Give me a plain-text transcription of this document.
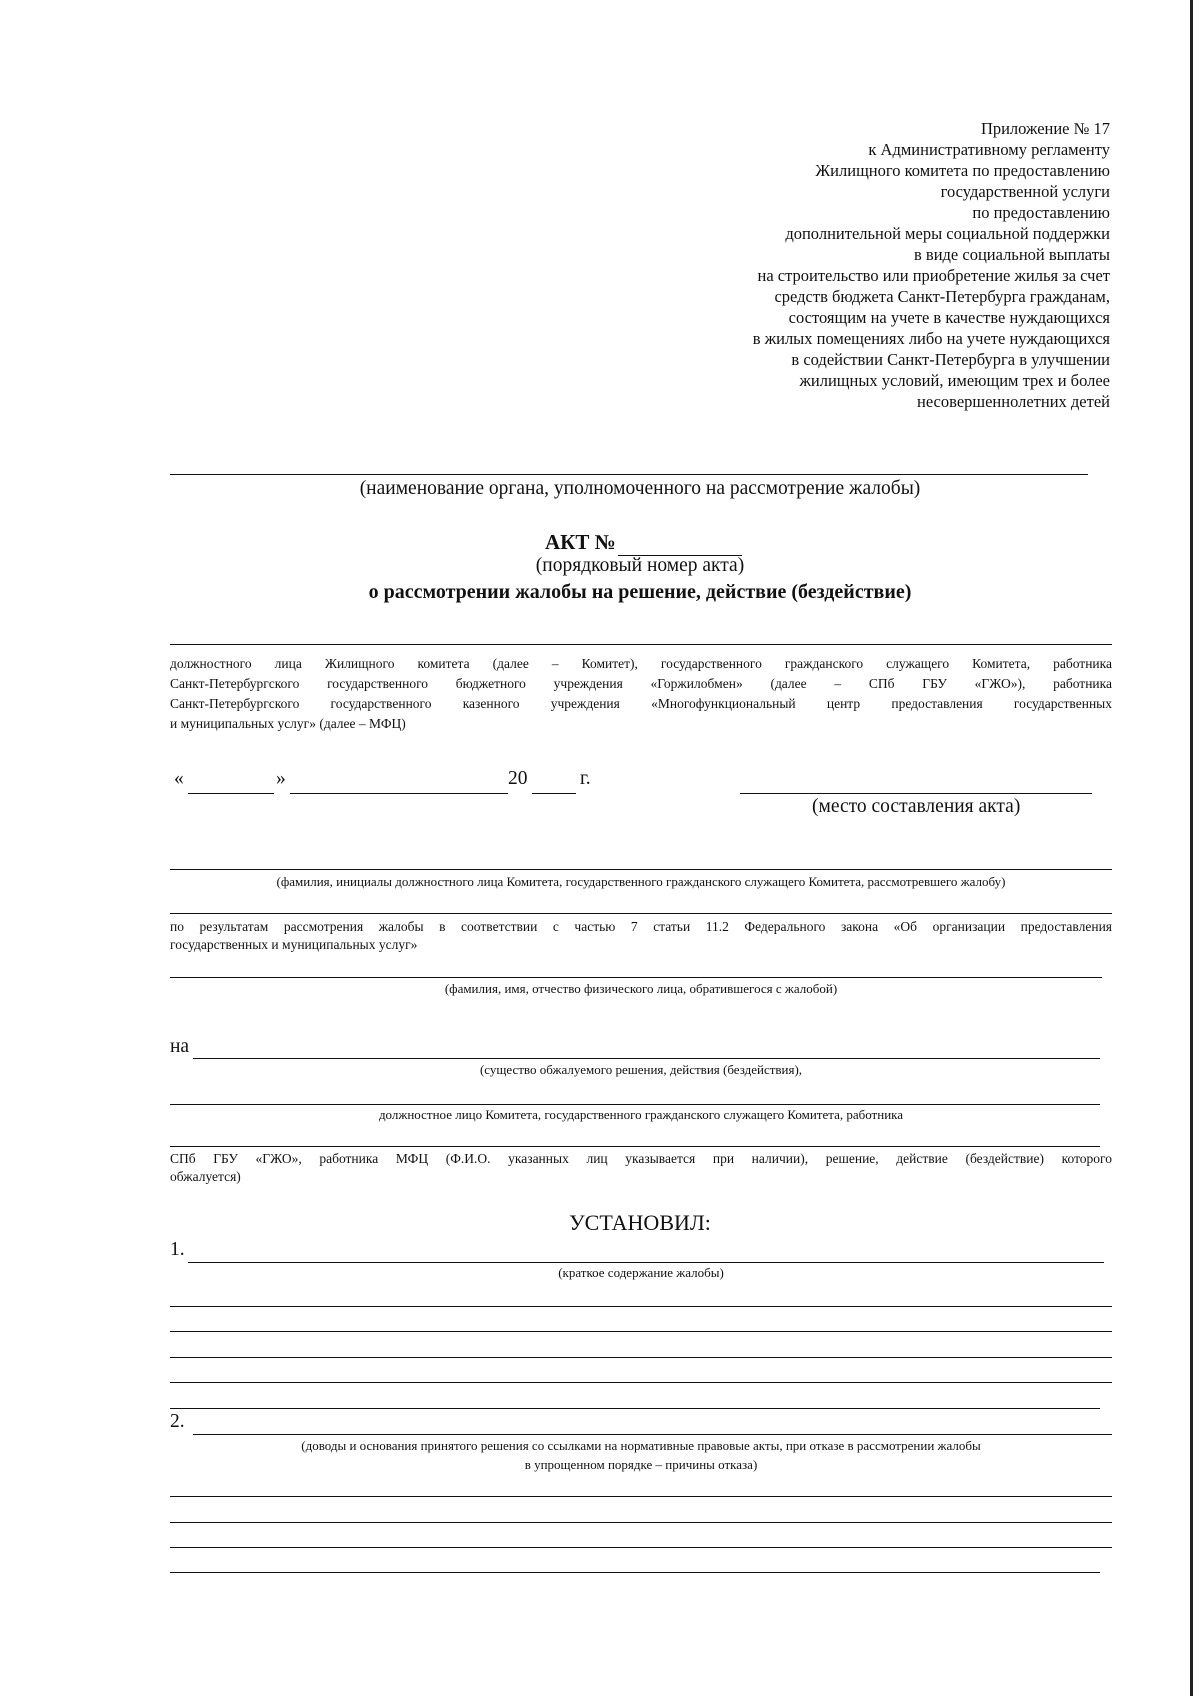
Приложение № 17
к Административному регламенту
Жилищного комитета по предоставлению
государственной услуги
по предоставлению
дополнительной меры социальной поддержки
в виде социальной выплаты
на строительство или приобретение жилья за счет
средств бюджета Санкт-Петербурга гражданам,
состоящим на учете в качестве нуждающихся
в жилых помещениях либо на учете нуждающихся
в содействии Санкт-Петербурга в улучшении
жилищных условий, имеющим трех и более
несовершеннолетних детей
(наименование органа, уполномоченного на рассмотрение жалобы)
АКТ №
(порядковый номер акта)
о рассмотрении жалобы на решение, действие (бездействие)
должностного лица Жилищного комитета (далее – Комитет), государственного гражданского служащего Комитета, работника
Санкт-Петербургского государственного бюджетного учреждения «Горжилобмен» (далее – СПб ГБУ «ГЖО»), работника
Санкт-Петербургского государственного казенного учреждения «Многофункциональный центр предоставления государственных
и муниципальных услуг» (далее – МФЦ)
«	»	20	г.
(место составления акта)
(фамилия, инициалы должностного лица Комитета, государственного гражданского служащего Комитета, рассмотревшего жалобу)
по результатам рассмотрения жалобы в соответствии с частью 7 статьи 11.2 Федерального закона «Об организации предоставления
государственных и муниципальных услуг»
(фамилия, имя, отчество физического лица, обратившегося с жалобой)
на
(существо обжалуемого решения, действия (бездействия),
должностное лицо Комитета, государственного гражданского служащего Комитета, работника
СПб ГБУ «ГЖО», работника МФЦ (Ф.И.О. указанных лиц указывается при наличии), решение, действие (бездействие) которого
обжалуется)
УСТАНОВИЛ:
1.
(краткое содержание жалобы)
2.
(доводы и основания принятого решения со ссылками на нормативные правовые акты, при отказе в рассмотрении жалобы
в упрощенном порядке – причины отказа)
